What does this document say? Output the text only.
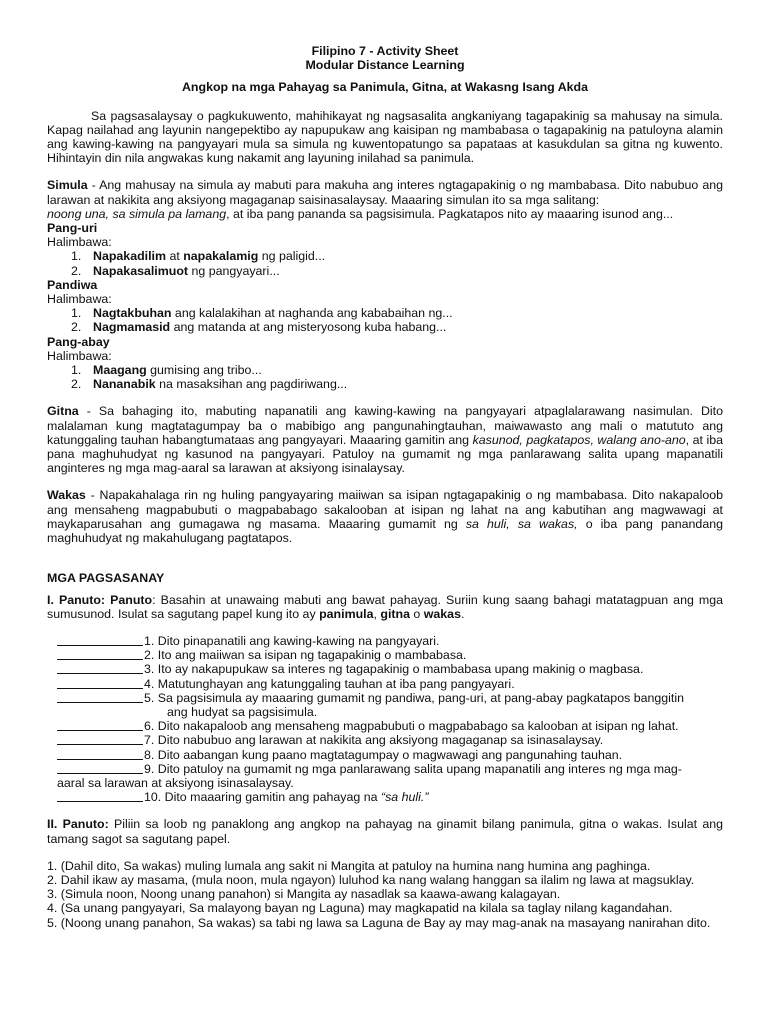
Filipino 7 - Activity Sheet
Modular Distance Learning
Angkop na mga Pahayag sa Panimula, Gitna, at Wakasng Isang Akda

Sa pagsasalaysay o pagkukuwento, mahihikayat ng nagsasalita angkaniyang tagapakinig sa mahusay na simula. Kapag nailahad ang layunin nangepektibo ay napupukaw ang kaisipan ng mambabasa o tagapakinig na patuloyna alamin ang kawing-kawing na pangyayari mula sa simula ng kuwentopatungo sa papataas at kasukdulan sa gitna ng kuwento. Hihintayin din nila angwakas kung nakamit ang layuning inilahad sa panimula.

Simula - Ang mahusay na simula ay mabuti para makuha ang interes ngtagapakinig o ng mambabasa. Dito nabubuo ang larawan at nakikita ang aksiyong magaganap saisinasalaysay. Maaaring simulan ito sa mga salitang:
noong una, sa simula pa lamang, at iba pang pananda sa pagsisimula. Pagkatapos nito ay maaaring isunod ang...

Pang-uri
Halimbawa:
1. Napakadilim at napakalamig ng paligid...
2. Napakasalimuot ng pangyayari...
Pandiwa
Halimbawa:
1. Nagtakbuhan ang kalalakihan at naghanda ang kababaihan ng...
2. Nagmamasid ang matanda at ang misteryosong kuba habang...
Pang-abay
Halimbawa:
1. Maagang gumising ang tribo...
2. Nananabik na masaksihan ang pagdiriwang...

Gitna - Sa bahaging ito, mabuting napanatili ang kawing-kawing na pangyayari atpaglalarawang nasimulan. Dito malalaman kung magtatagumpay ba o mabibigo ang pangunahingtauhan, maiwawasto ang mali o matututo ang katunggaling tauhan habangtumataas ang pangyayari. Maaaring gamitin ang kasunod, pagkatapos, walang ano-ano, at iba pana maghuhudyat ng kasunod na pangyayari. Patuloy na gumamit ng mga panlarawang salita upang mapanatili anginteres ng mga mag-aaral sa larawan at aksiyong isinalaysay.

Wakas - Napakahalaga rin ng huling pangyayaring maiiwan sa isipan ngtagapakinig o ng mambabasa. Dito nakapaloob ang mensaheng magpabubuti o magpababago sakalooban at isipan ng lahat na ang kabutihan ang magwawagi at maykaparusahan ang gumagawa ng masama. Maaaring gumamit ng sa huli, sa wakas, o iba pang panandang maghuhudyat ng makahulugang pagtatapos.

MGA PAGSASANAY

I. Panuto: Panuto: Basahin at unawaing mabuti ang bawat pahayag. Suriin kung saang bahagi matatagpuan ang mga sumusunod. Isulat sa sagutang papel kung ito ay panimula, gitna o wakas.

1. Dito pinapanatili ang kawing-kawing na pangyayari.
2. Ito ang maiiwan sa isipan ng tagapakinig o mambabasa.
3. Ito ay nakapupukaw sa interes ng tagapakinig o mambabasa upang makinig o magbasa.
4. Matutunghayan ang katunggaling tauhan at iba pang pangyayari.
5. Sa pagsisimula ay maaaring gumamit ng pandiwa, pang-uri, at pang-abay pagkatapos banggitin
ang hudyat sa pagsisimula.
6. Dito nakapaloob ang mensaheng magpabubuti o magpababago sa kalooban at isipan ng lahat.
7. Dito nabubuo ang larawan at nakikita ang aksiyong magaganap sa isinasalaysay.
8. Dito aabangan kung paano magtatagumpay o magwawagi ang pangunahing tauhan.
9. Dito patuloy na gumamit ng mga panlarawang salita upang mapanatili ang interes ng mga mag-
aaral sa larawan at aksiyong isinasalaysay.
10. Dito maaaring gamitin ang pahayag na “sa huli.”

II. Panuto: Piliin sa loob ng panaklong ang angkop na pahayag na ginamit bilang panimula, gitna o wakas. Isulat ang tamang sagot sa sagutang papel.

1. (Dahil dito, Sa wakas) muling lumala ang sakit ni Mangita at patuloy na humina nang humina ang paghinga.
2. Dahil ikaw ay masama, (mula noon, mula ngayon) luluhod ka nang walang hanggan sa ilalim ng lawa at magsuklay.
3. (Simula noon, Noong unang panahon) si Mangita ay nasadlak sa kaawa-awang kalagayan.
4. (Sa unang pangyayari, Sa malayong bayan ng Laguna) may magkapatid na kilala sa taglay nilang kagandahan.
5. (Noong unang panahon, Sa wakas) sa tabi ng lawa sa Laguna de Bay ay may mag-anak na masayang nanirahan dito.
